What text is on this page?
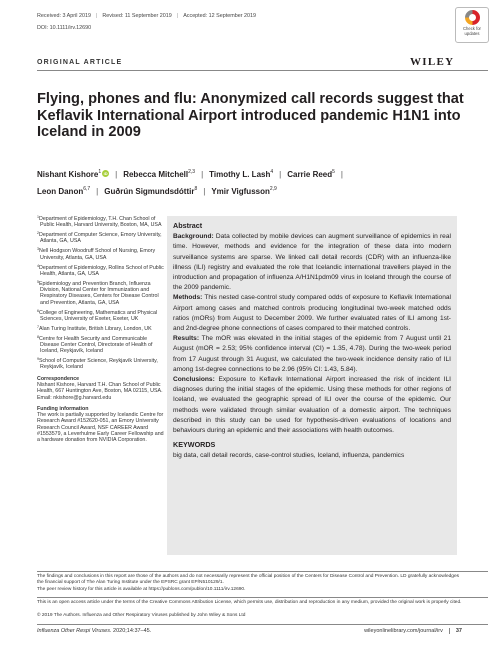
Received: 3 April 2019 | Revised: 11 September 2019 | Accepted: 12 September 2019
DOI: 10.1111/irv.12690	Check for updates
ORIGINAL ARTICLE	WILEY
Flying, phones and flu: Anonymized call records suggest that Keflavik International Airport introduced pandemic H1N1 into Iceland in 2009
Nishant Kishore$^1$ iD | Rebecca Mitchell$^{2,3}$ | Timothy L. Lash$^4$ | Carrie Reed$^5$ |
Leon Danon$^{6,7}$ | Guðrún Sigmundsdóttir$^8$ | Ymir Vigfusson$^{2,9}$
$^1$Department of Epidemiology, T.H. Chan School of Public Health, Harvard University, Boston, MA, USA
$^2$Department of Computer Science, Emory University, Atlanta, GA, USA
$^3$Nell Hodgson Woodruff School of Nursing, Emory University, Atlanta, GA, USA
$^4$Department of Epidemiology, Rollins School of Public Health, Atlanta, GA, USA
$^5$Epidemiology and Prevention Branch, Influenza Division, National Center for Immunization and Respiratory Diseases, Centers for Disease Control and Prevention, Atlanta, GA, USA
$^6$College of Engineering, Mathematics and Physical Sciences, University of Exeter, Exeter, UK
$^7$Alan Turing Institute, British Library, London, UK
$^8$Centre for Health Security and Communicable Disease Center Control, Directorate of Health of Iceland, Reykjavík, Iceland
$^9$School of Computer Science, Reykjavík University, Reykjavík, Iceland
Correspondence
Nishant Kishore, Harvard T.H. Chan School of Public Health, 667 Huntington Ave, Boston, MA 02115, USA.
Email: nkishore@g.harvard.edu
Funding information
The work is partially supported by Icelandic Centre for Research Award #152620-051, an Emory University Research Council Award, NSF CAREER Award #1553579, a Leverhulme Early Career Fellowship and a hardware donation from NVIDIA Corporation.
Abstract

Background: Data collected by mobile devices can augment surveillance of epidemics in real time. However, methods and evidence for the integration of these data into modern surveillance systems are sparse. We linked call detail records (CDR) with an influenza-like illness (ILI) registry and evaluated the role that Icelandic international travellers played in the introduction and propagation of influenza A/H1N1pdm09 virus in Iceland through the course of the 2009 pandemic.

Methods: This nested case-control study compared odds of exposure to Keflavik International Airport among cases and matched controls producing longitudinal two-week matched odds ratios (mORs) from August to December 2009. We further evaluated rates of ILI among 1st- and 2nd-degree phone connections of cases compared to their matched controls.

Results: The mOR was elevated in the initial stages of the epidemic from 7 August until 21 August (mOR = 2.53; 95% confidence interval (CI) = 1.35, 4.78). During the two-week period from 17 August through 31 August, we calculated the two-week incidence density ratio of ILI among 1st-degree connections to be 2.96 (95% CI: 1.43, 5.84).

Conclusions: Exposure to Keflavik International Airport increased the risk of incident ILI diagnoses during the initial stages of the epidemic. Using these methods for other regions of Iceland, we evaluated the geographic spread of ILI over the course of the epidemic. Our methods were validated through similar evaluation of a domestic airport. The techniques described in this study can be used for hypothesis-driven evaluations of locations and behaviours during an epidemic and their associations with health outcomes.

KEYWORDS

big data, call detail records, case-control studies, Iceland, influenza, pandemics

The findings and conclusions in this report are those of the authors and do not necessarily represent the official position of the Centers for Disease Control and Prevention. LD gratefully acknowledges the financial support of The Alan Turing Institute under the EPSRC grant EP/N510129/1.
The peer review history for this article is available at https://publons.com/publon/10.1111/irv.12690.
This is an open access article under the terms of the Creative Commons Attribution License, which permits use, distribution and reproduction in any medium, provided the original work is properly cited.
© 2019 The Authors. Influenza and Other Respiratory Viruses published by John Wiley & Sons Ltd
Influenza Other Respi Viruses. 2020;14:37–45.	wileyonlinelibrary.com/journal/irv	37
